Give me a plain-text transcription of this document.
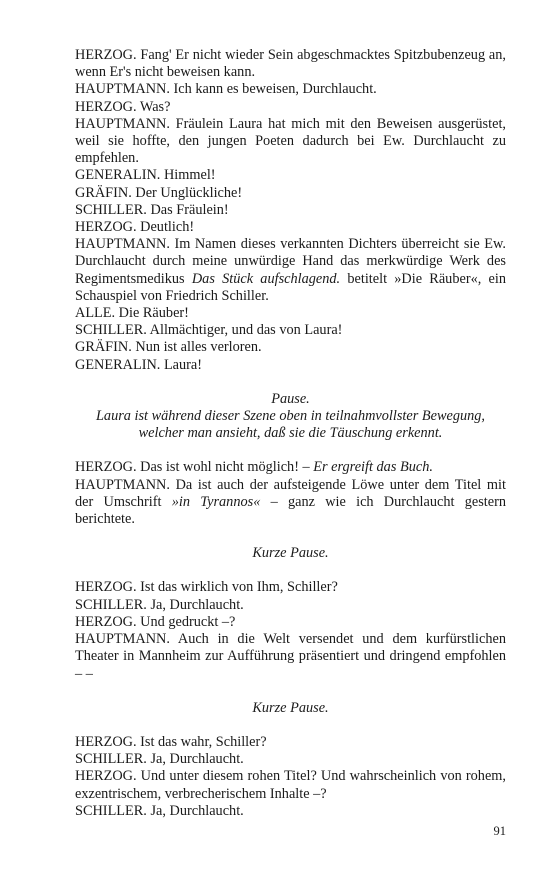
HERZOG. Fang' Er nicht wieder Sein abgeschmacktes Spitzbubenzeug an, wenn Er's nicht beweisen kann.

HAUPTMANN. Ich kann es beweisen, Durchlaucht.

HERZOG. Was?

HAUPTMANN. Fräulein Laura hat mich mit den Beweisen ausgerüstet, weil sie hoffte, den jungen Poeten dadurch bei Ew. Durchlaucht zu empfehlen.

GENERALIN. Himmel!

GRÄFIN. Der Unglückliche!

SCHILLER. Das Fräulein!

HERZOG. Deutlich!

HAUPTMANN. Im Namen dieses verkannten Dichters überreicht sie Ew. Durchlaucht durch meine unwürdige Hand das merkwürdige Werk des Regimentsmedikus Das Stück aufschlagend. betitelt »Die Räuber«, ein Schauspiel von Friedrich Schiller.

ALLE. Die Räuber!

SCHILLER. Allmächtiger, und das von Laura!

GRÄFIN. Nun ist alles verloren.

GENERALIN. Laura!

Pause.

Laura ist während dieser Szene oben in teilnahmvollster Bewegung, welcher man ansieht, daß sie die Täuschung erkennt.

HERZOG. Das ist wohl nicht möglich! – Er ergreift das Buch.

HAUPTMANN. Da ist auch der aufsteigende Löwe unter dem Titel mit der Umschrift »in Tyrannos« – ganz wie ich Durchlaucht gestern berichtete.

Kurze Pause.

HERZOG. Ist das wirklich von Ihm, Schiller?

SCHILLER. Ja, Durchlaucht.

HERZOG. Und gedruckt –?

HAUPTMANN. Auch in die Welt versendet und dem kurfürstlichen Theater in Mannheim zur Aufführung präsentiert und dringend empfohlen – –

Kurze Pause.

HERZOG. Ist das wahr, Schiller?

SCHILLER. Ja, Durchlaucht.

HERZOG. Und unter diesem rohen Titel? Und wahrscheinlich von rohem, exzentrischem, verbrecherischem Inhalte –?

SCHILLER. Ja, Durchlaucht.

91
